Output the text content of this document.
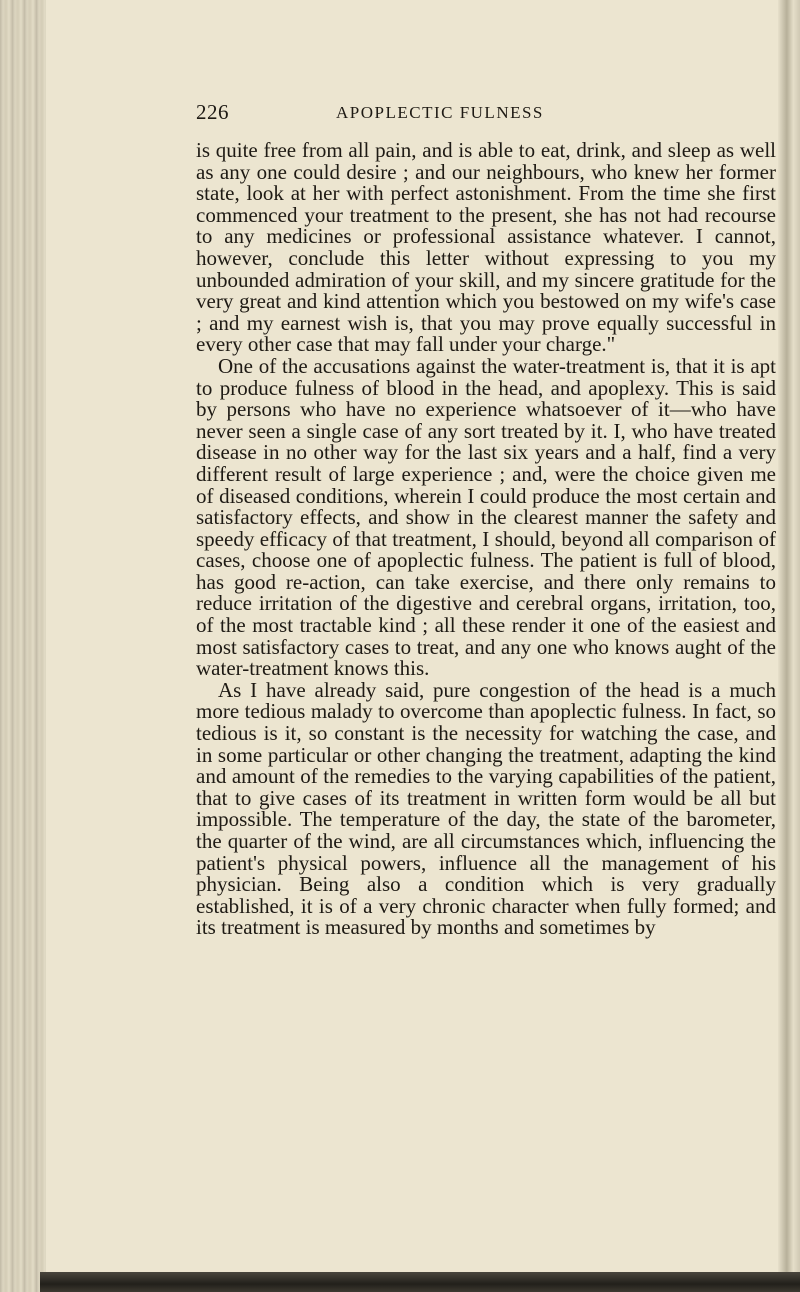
226	APOPLECTIC FULNESS

is quite free from all pain, and is able to eat, drink, and sleep as well as any one could desire ; and our neighbours, who knew her former state, look at her with perfect astonishment. From the time she first commenced your treatment to the present, she has not had recourse to any medicines or professional assistance whatever. I cannot, however, conclude this letter without expressing to you my unbounded admiration of your skill, and my sincere gratitude for the very great and kind attention which you bestowed on my wife's case ; and my earnest wish is, that you may prove equally successful in every other case that may fall under your charge."

One of the accusations against the water-treatment is, that it is apt to produce fulness of blood in the head, and apoplexy. This is said by persons who have no experience whatsoever of it—who have never seen a single case of any sort treated by it. I, who have treated disease in no other way for the last six years and a half, find a very different result of large experience ; and, were the choice given me of diseased conditions, wherein I could produce the most certain and satisfactory effects, and show in the clearest manner the safety and speedy efficacy of that treatment, I should, beyond all comparison of cases, choose one of apoplectic fulness. The patient is full of blood, has good re-action, can take exercise, and there only remains to reduce irritation of the digestive and cerebral organs, irritation, too, of the most tractable kind ; all these render it one of the easiest and most satisfactory cases to treat, and any one who knows aught of the water-treatment knows this.

As I have already said, pure congestion of the head is a much more tedious malady to overcome than apoplectic fulness. In fact, so tedious is it, so constant is the necessity for watching the case, and in some particular or other changing the treatment, adapting the kind and amount of the remedies to the varying capabilities of the patient, that to give cases of its treatment in written form would be all but impossible. The temperature of the day, the state of the barometer, the quarter of the wind, are all circumstances which, influencing the patient's physical powers, influence all the management of his physician. Being also a condition which is very gradually established, it is of a very chronic character when fully formed; and its treatment is measured by months and sometimes by
